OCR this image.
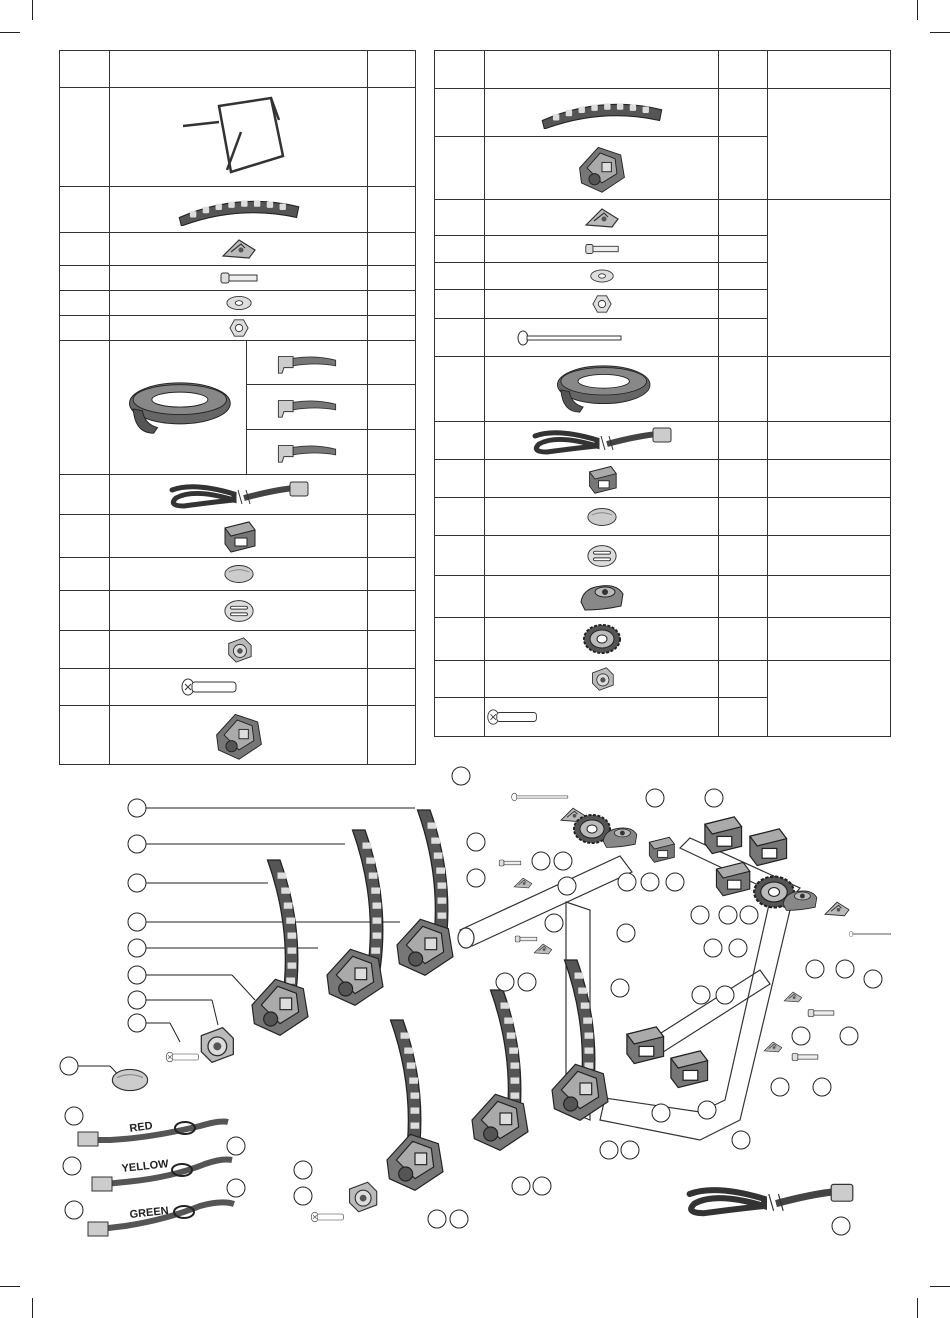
RED
YELLOW
GREEN
